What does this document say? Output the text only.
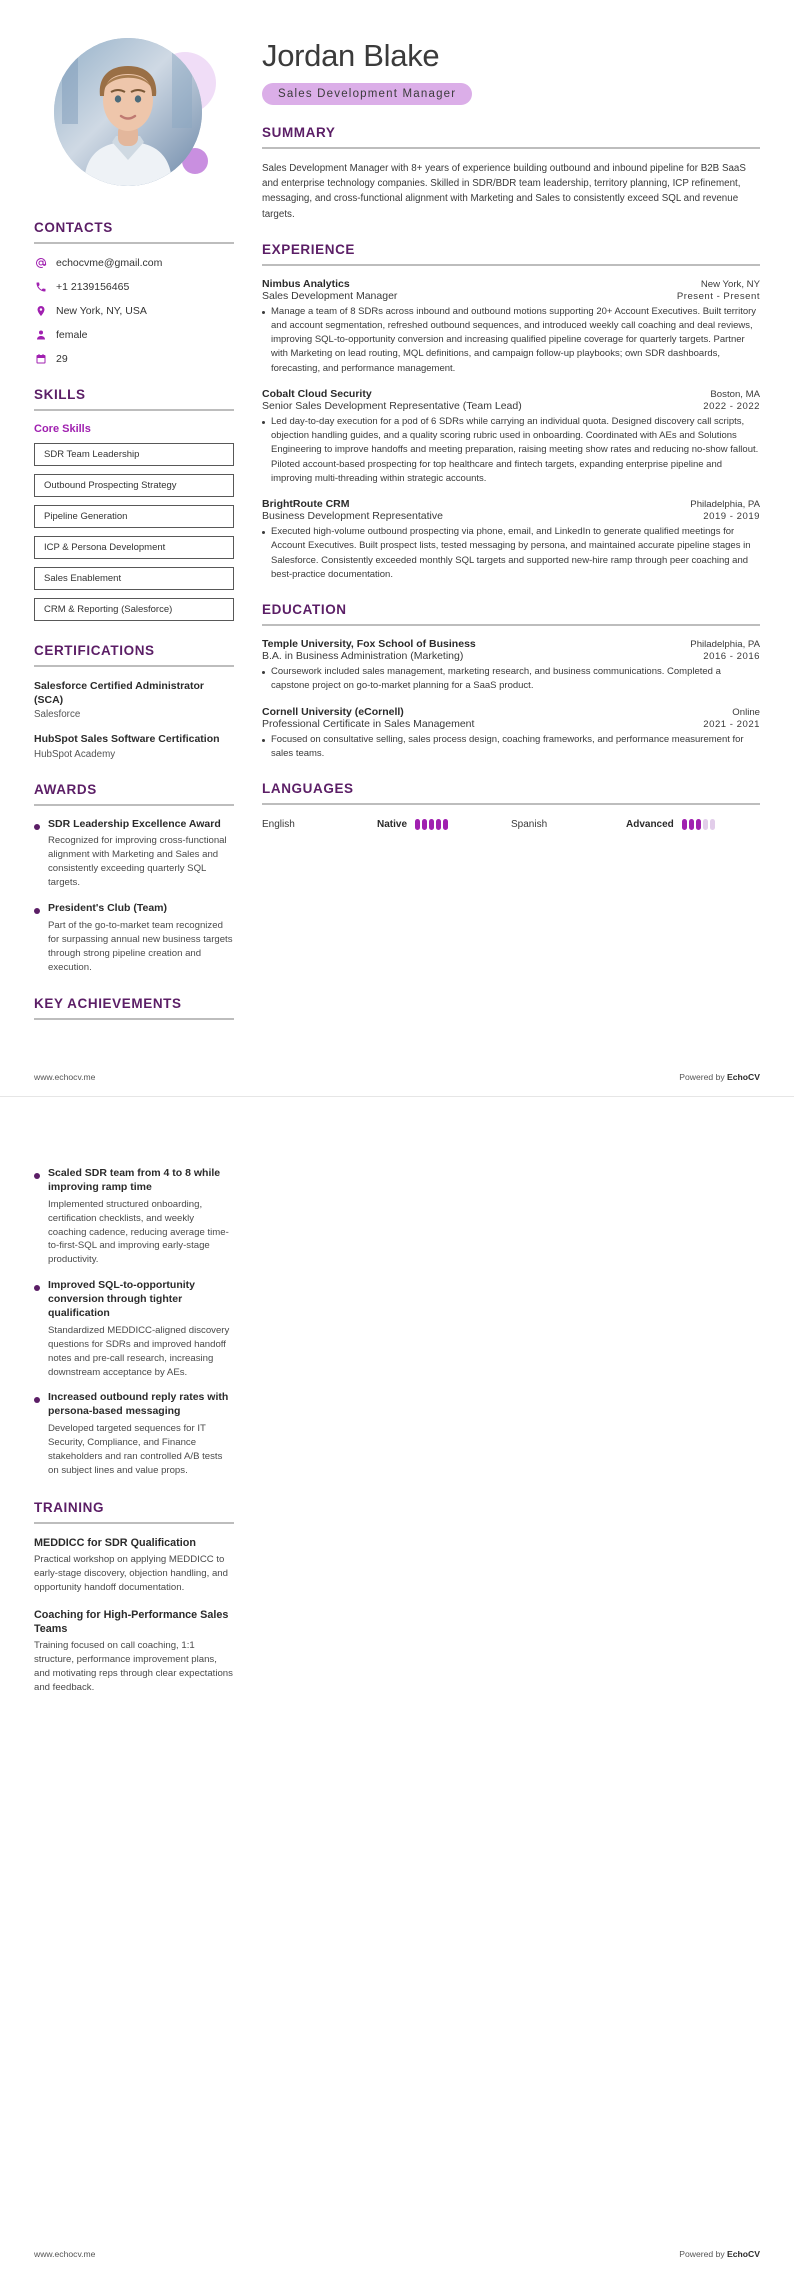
CONTACTS
echocvme@gmail.com
+1 2139156465
New York, NY, USA
female
29
SKILLS
Core Skills
SDR Team Leadership
Outbound Prospecting Strategy
Pipeline Generation
ICP & Persona Development
Sales Enablement
CRM & Reporting (Salesforce)
CERTIFICATIONS
Salesforce Certified Administrator (SCA)
Salesforce
HubSpot Sales Software Certification
HubSpot Academy
AWARDS
SDR Leadership Excellence Award
Recognized for improving cross-functional alignment with Marketing and Sales and consistently exceeding quarterly SQL targets.
President's Club (Team)
Part of the go-to-market team recognized for surpassing annual new business targets through strong pipeline creation and execution.
KEY ACHIEVEMENTS
Jordan Blake
Sales Development Manager
SUMMARY
Sales Development Manager with 8+ years of experience building outbound and inbound pipeline for B2B SaaS and enterprise technology companies. Skilled in SDR/BDR team leadership, territory planning, ICP refinement, messaging, and cross-functional alignment with Marketing and Sales to consistently exceed SQL and revenue targets.
EXPERIENCE
Nimbus Analytics	New York, NY
Sales Development Manager	Present - Present
Manage a team of 8 SDRs across inbound and outbound motions supporting 20+ Account Executives. Built territory and account segmentation, refreshed outbound sequences, and introduced weekly call coaching and deal reviews, improving SQL-to-opportunity conversion and increasing qualified pipeline coverage for quarterly targets. Partner with Marketing on lead routing, MQL definitions, and campaign follow-up playbooks; own SDR dashboards, forecasting, and performance management.
Cobalt Cloud Security	Boston, MA
Senior Sales Development Representative (Team Lead)	2022 - 2022
Led day-to-day execution for a pod of 6 SDRs while carrying an individual quota. Designed discovery call scripts, objection handling guides, and a quality scoring rubric used in onboarding. Coordinated with AEs and Solutions Engineering to improve handoffs and meeting preparation, raising meeting show rates and reducing no-show fallout. Piloted account-based prospecting for top healthcare and fintech targets, expanding enterprise pipeline and improving multi-threading within strategic accounts.
BrightRoute CRM	Philadelphia, PA
Business Development Representative	2019 - 2019
Executed high-volume outbound prospecting via phone, email, and LinkedIn to generate qualified meetings for Account Executives. Built prospect lists, tested messaging by persona, and maintained accurate pipeline stages in Salesforce. Consistently exceeded monthly SQL targets and supported new-hire ramp through peer coaching and best-practice documentation.
EDUCATION
Temple University, Fox School of Business	Philadelphia, PA
B.A. in Business Administration (Marketing)	2016 - 2016
Coursework included sales management, marketing research, and business communications. Completed a capstone project on go-to-market planning for a SaaS product.
Cornell University (eCornell)	Online
Professional Certificate in Sales Management	2021 - 2021
Focused on consultative selling, sales process design, coaching frameworks, and performance measurement for sales teams.
LANGUAGES
English	Native	Spanish	Advanced
www.echocv.me	Powered by EchoCV
Scaled SDR team from 4 to 8 while improving ramp time
Implemented structured onboarding, certification checklists, and weekly coaching cadence, reducing average time-to-first-SQL and improving early-stage productivity.
Improved SQL-to-opportunity conversion through tighter qualification
Standardized MEDDICC-aligned discovery questions for SDRs and improved handoff notes and pre-call research, increasing downstream acceptance by AEs.
Increased outbound reply rates with persona-based messaging
Developed targeted sequences for IT Security, Compliance, and Finance stakeholders and ran controlled A/B tests on subject lines and value props.
TRAINING
MEDDICC for SDR Qualification
Practical workshop on applying MEDDICC to early-stage discovery, objection handling, and opportunity handoff documentation.
Coaching for High-Performance Sales Teams
Training focused on call coaching, 1:1 structure, performance improvement plans, and motivating reps through clear expectations and feedback.
www.echocv.me	Powered by EchoCV
